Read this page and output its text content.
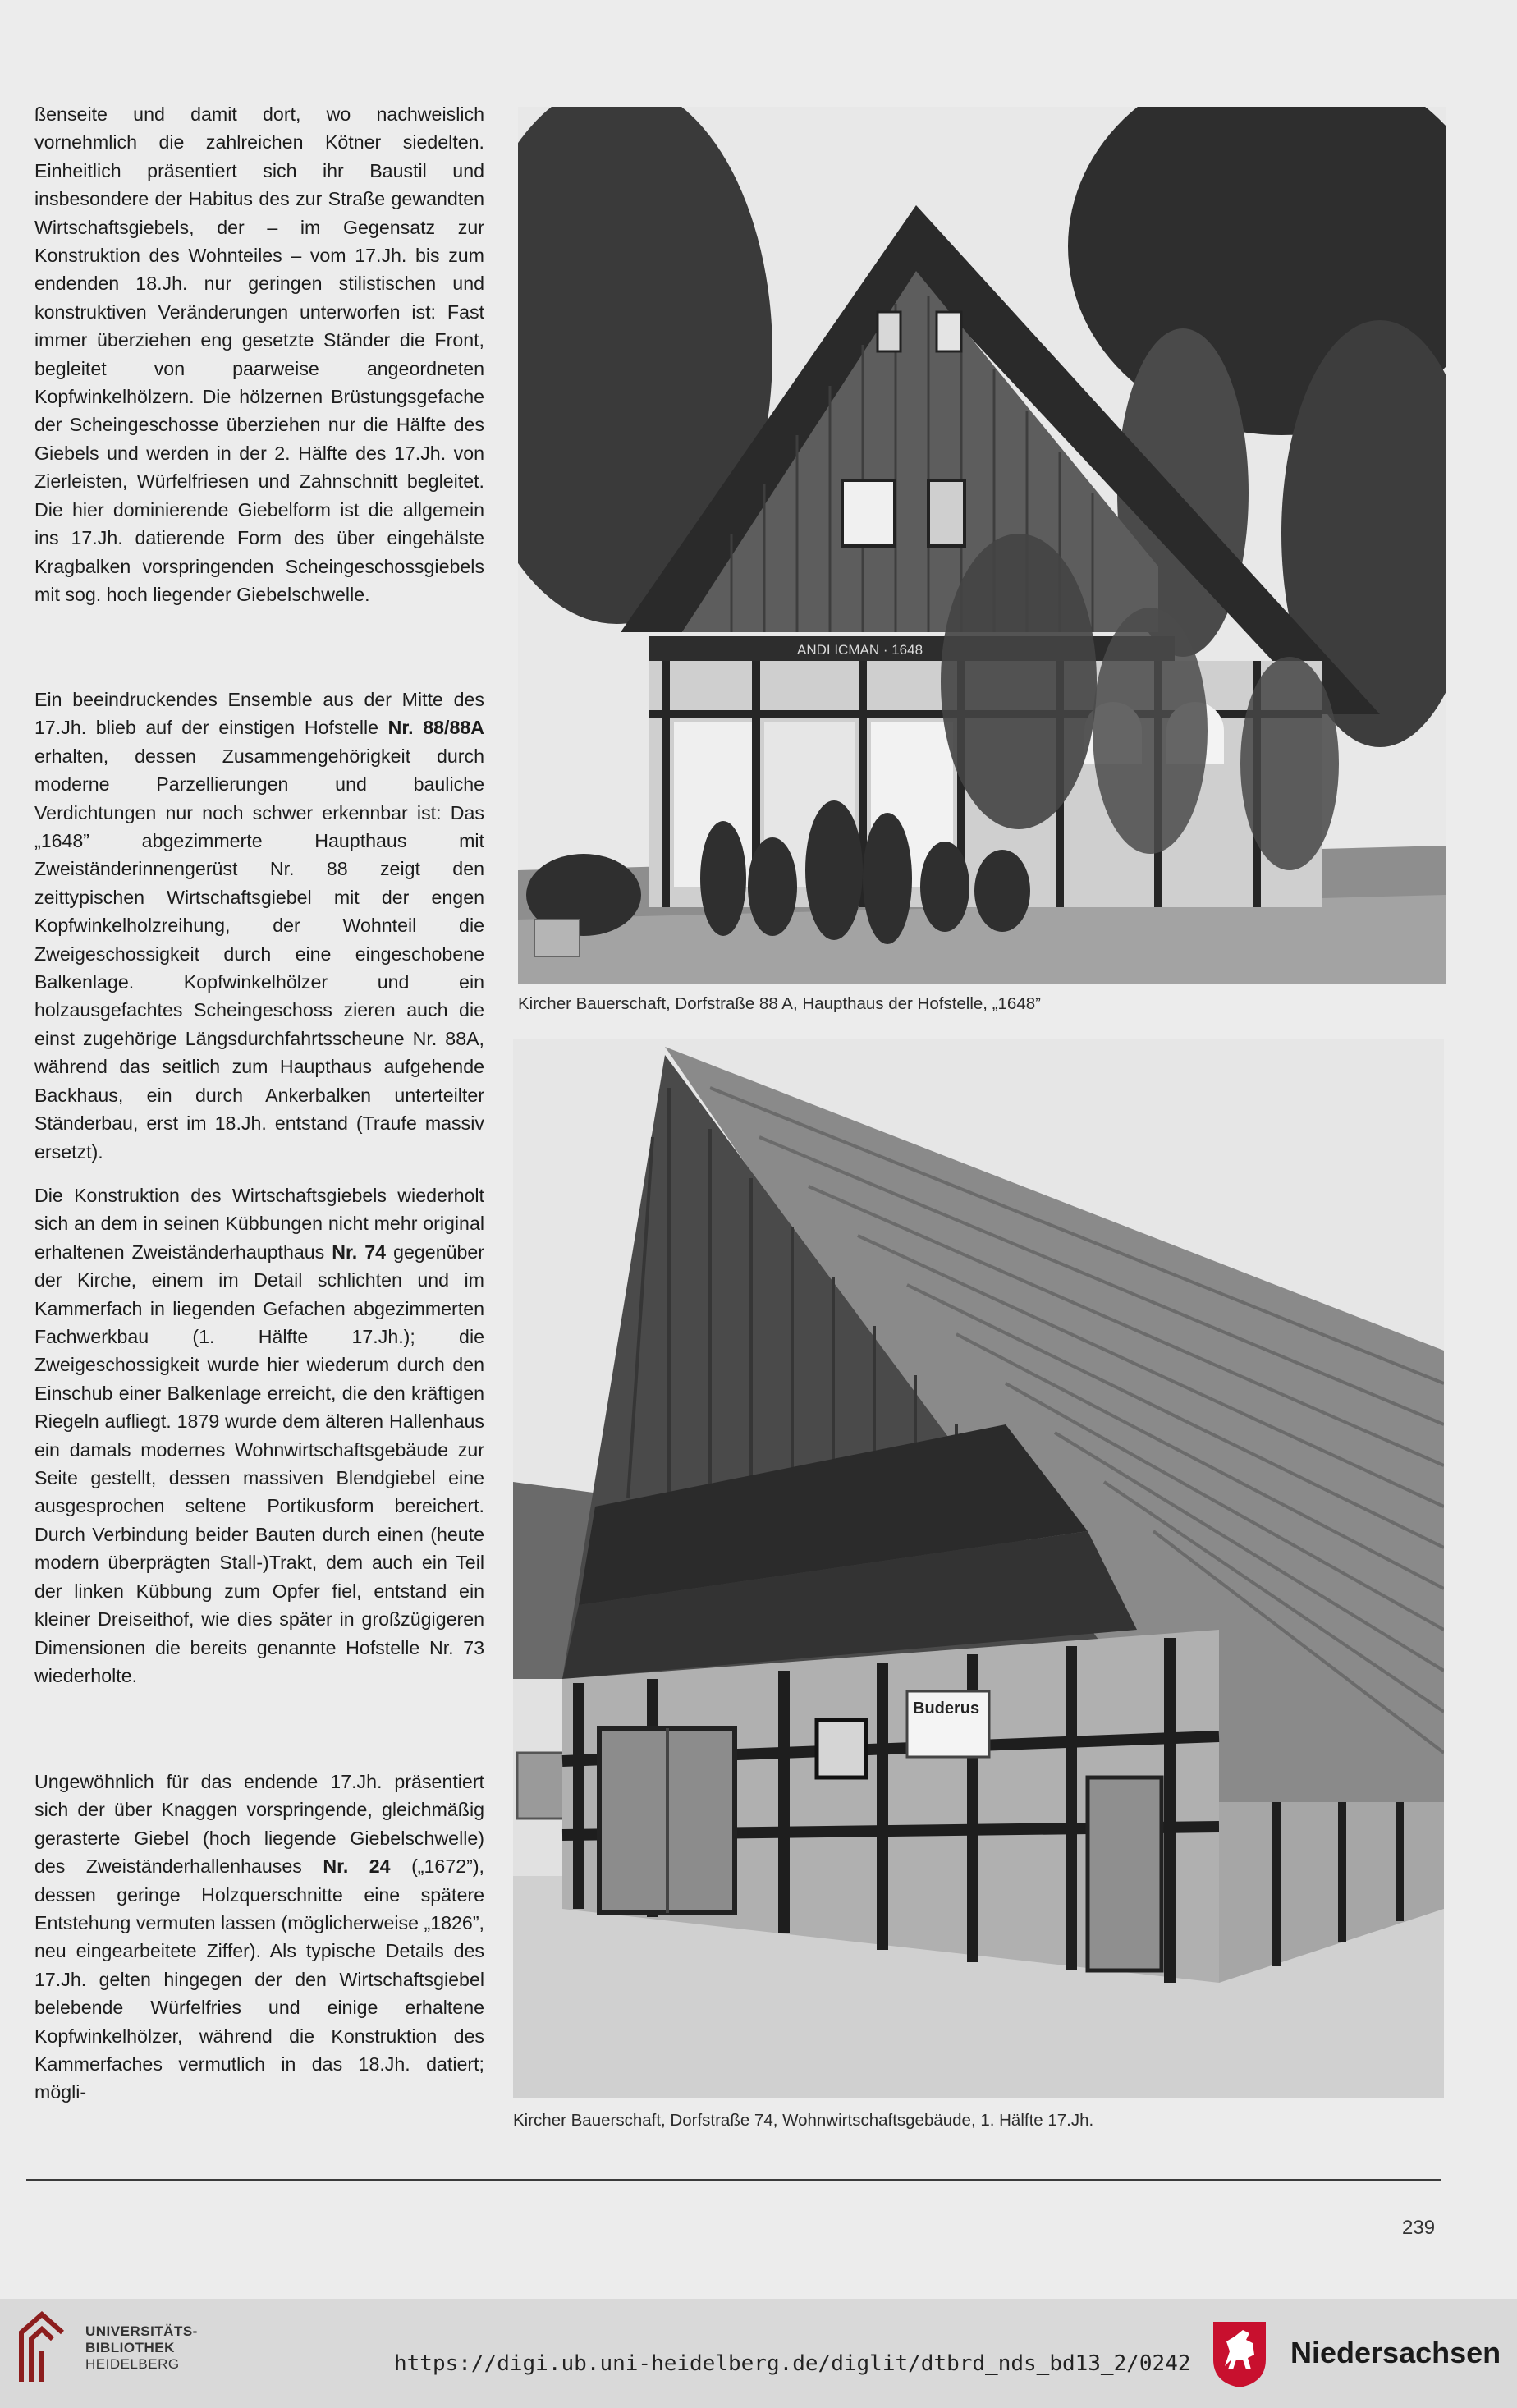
ßenseite und damit dort, wo nachweislich vornehmlich die zahlreichen Kötner siedelten. Einheitlich präsentiert sich ihr Baustil und insbesondere der Habitus des zur Straße gewandten Wirtschaftsgiebels, der – im Gegensatz zur Konstruktion des Wohnteiles – vom 17.Jh. bis zum endenden 18.Jh. nur geringen stilistischen und konstruktiven Veränderungen unterworfen ist: Fast immer überziehen eng gesetzte Ständer die Front, begleitet von paarweise angeordneten Kopfwinkelhölzern. Die hölzernen Brüstungsgefache der Scheingeschosse überziehen nur die Hälfte des Giebels und werden in der 2. Hälfte des 17.Jh. von Zierleisten, Würfelfriesen und Zahnschnitt begleitet. Die hier dominierende Giebelform ist die allgemein ins 17.Jh. datierende Form des über eingehälste Kragbalken vorspringenden Scheingeschossgiebels mit sog. hoch liegender Giebelschwelle.

Ein beeindruckendes Ensemble aus der Mitte des 17.Jh. blieb auf der einstigen Hofstelle Nr. 88/88A erhalten, dessen Zusammengehörigkeit durch moderne Parzellierungen und bauliche Verdichtungen nur noch schwer erkennbar ist: Das „1648” abgezimmerte Haupthaus mit Zweiständerinnengerüst Nr. 88 zeigt den zeittypischen Wirtschaftsgiebel mit der engen Kopfwinkelholzreihung, der Wohnteil die Zweigeschossigkeit durch eine eingeschobene Balkenlage. Kopfwinkelhölzer und ein holzausgefachtes Scheingeschoss zieren auch die einst zugehörige Längsdurchfahrtsscheune Nr. 88A, während das seitlich zum Haupthaus aufgehende Backhaus, ein durch Ankerbalken unterteilter Ständerbau, erst im 18.Jh. entstand (Traufe massiv ersetzt).

Die Konstruktion des Wirtschaftsgiebels wiederholt sich an dem in seinen Kübbungen nicht mehr original erhaltenen Zweiständerhaupthaus Nr. 74 gegenüber der Kirche, einem im Detail schlichten und im Kammerfach in liegenden Gefachen abgezimmerten Fachwerkbau (1. Hälfte 17.Jh.); die Zweigeschossigkeit wurde hier wiederum durch den Einschub einer Balkenlage erreicht, die den kräftigen Riegeln aufliegt. 1879 wurde dem älteren Hallenhaus ein damals modernes Wohnwirtschaftsgebäude zur Seite gestellt, dessen massiven Blendgiebel eine ausgesprochen seltene Portikusform bereichert. Durch Verbindung beider Bauten durch einen (heute modern überprägten Stall-)Trakt, dem auch ein Teil der linken Kübbung zum Opfer fiel, entstand ein kleiner Dreiseithof, wie dies später in großzügigeren Dimensionen die bereits genannte Hofstelle Nr. 73 wiederholte.

Ungewöhnlich für das endende 17.Jh. präsentiert sich der über Knaggen vorspringende, gleichmäßig gerasterte Giebel (hoch liegende Giebelschwelle) des Zweiständerhallenhauses Nr. 24 („1672”), dessen geringe Holzquerschnitte eine spätere Entstehung vermuten lassen (möglicherweise „1826”, neu eingearbeitete Ziffer). Als typische Details des 17.Jh. gelten hingegen der den Wirtschaftsgiebel belebende Würfelfries und einige erhaltene Kopfwinkelhölzer, während die Konstruktion des Kammerfaches vermutlich in das 18.Jh. datiert; mögli-

ANDI ICMAN · 1648
Kircher Bauerschaft, Dorfstraße 88 A, Haupthaus der Hofstelle, „1648”
Buderus
Kircher Bauerschaft, Dorfstraße 74, Wohnwirtschaftsgebäude, 1. Hälfte 17.Jh.
239
UNIVERSITÄTS-
BIBLIOTHEK
HEIDELBERG	https://digi.ub.uni-heidelberg.de/diglit/dtbrd_nds_bd13_2/0242	Niedersachsen
